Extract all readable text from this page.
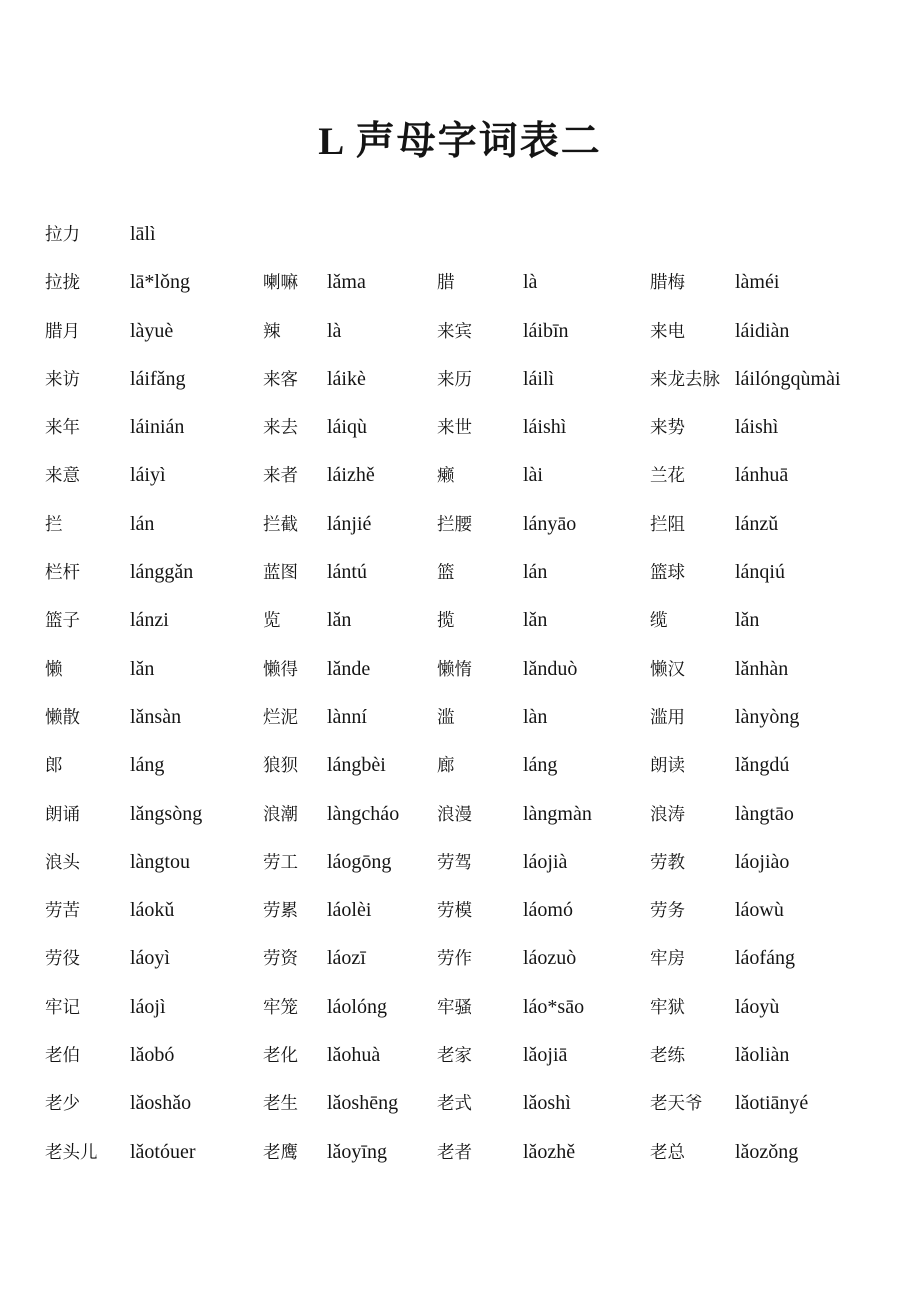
L 声母字词表二
拉力	lālì
拉拢	lā*lǒng	喇嘛	lǎma	腊	là	腊梅	làméi
腊月	làyuè	辣	là	来宾	láibīn	来电	láidiàn
来访	láifǎng	来客	láikè	来历	láilì	来龙去脉 láilóngqùmài
来年	láinián	来去	láiqù	来世	láishì	来势	láishì
来意	láiyì	来者	láizhě	癞	lài	兰花	lánhuā
拦	lán	拦截	lánjié	拦腰	lányāo	拦阻	lánzǔ
栏杆	lánggǎn	蓝图	lántú	篮	lán	篮球	lánqiú
篮子	lánzi	览	lǎn	揽	lǎn	缆	lǎn
懒	lǎn	懒得	lǎnde	懒惰	lǎnduò	懒汉	lǎnhàn
懒散	lǎnsàn	烂泥	lànní	滥	làn	滥用	lànyòng
郎	láng	狼狈	lángbèi	廊	láng	朗读	lǎngdú
朗诵	lǎngsòng	浪潮	làngcháo	浪漫	làngmàn	浪涛	làngtāo
浪头	làngtou	劳工	láogōng	劳驾	láojià	劳教	láojiào
劳苦	láokǔ	劳累	láolèi	劳模	láomó	劳务	láowù
劳役	láoyì	劳资	láozī	劳作	láozuò	牢房	láofáng
牢记	láojì	牢笼	láolóng	牢骚	láo*sāo	牢狱	láoyù
老伯	lǎobó	老化	lǎohuà	老家	lǎojiā	老练	lǎoliàn
老少	lǎoshǎo	老生	lǎoshēng	老式	lǎoshì	老天爷	lǎotiānyé
老头儿	lǎotóuer	老鹰	lǎoyīng	老者	lǎozhě	老总	lǎozǒng
